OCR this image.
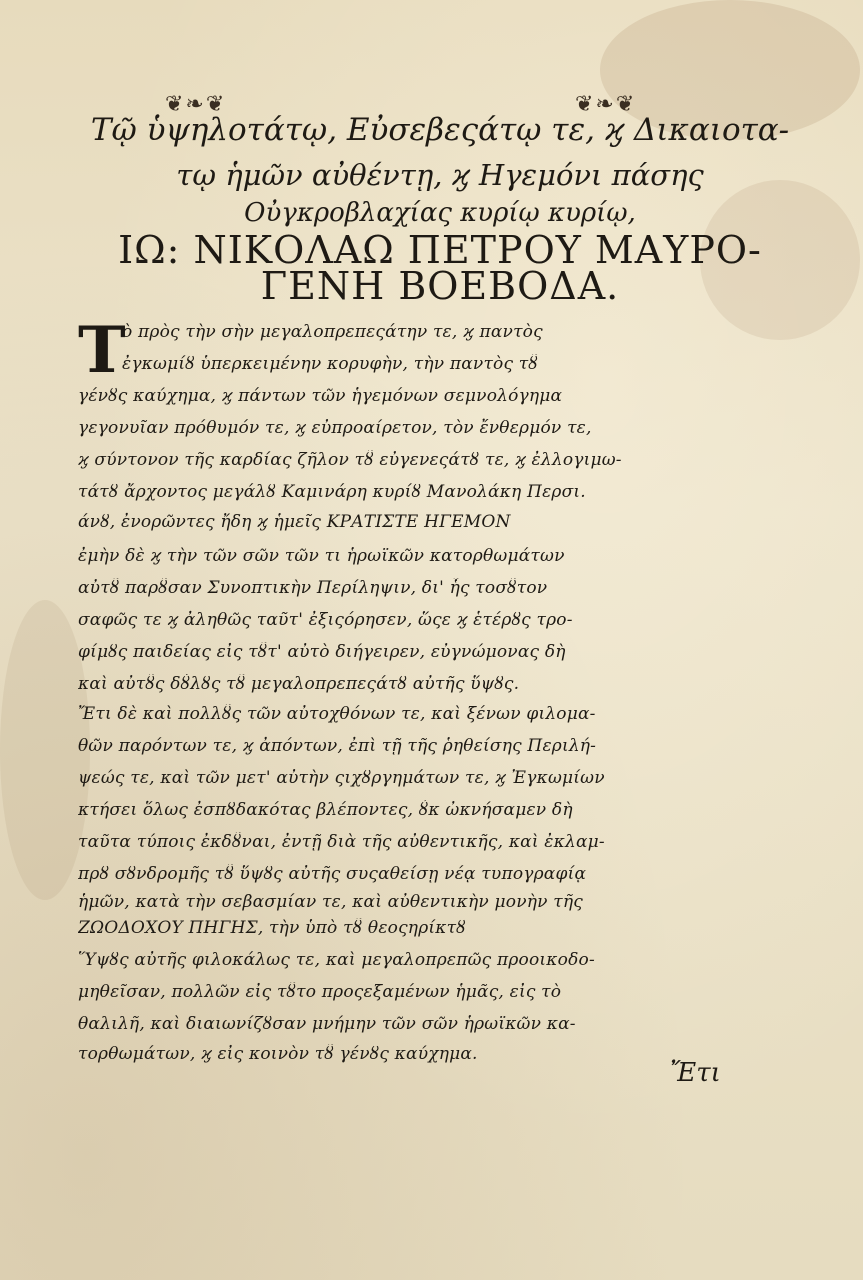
❦❧❦	❦❧❦
Τῷ ὑψηλοτάτῳ, Εὐσεβεςάτῳ τε, ϗ Δικαιοτα-
τῳ ἡμῶν αὐθέντῃ, ϗ Ηγεμόνι πάσης
Οὐγκροβλαχίας κυρίῳ κυρίῳ,
ΙΩ: ΝΙΚΟΛΑΩ ΠΕΤΡΟΥ ΜΑΥΡΟ-
ΓΕΝΗ ΒΟΕΒΟΔΑ.
Τ
ὸ πρὸς τὴν σὴν μεγαλοπρεπεςάτην τε, ϗ παντὸς
ἐγκωμίȣ ὑπερκειμένην κορυφὴν, τὴν παντὸς τȣ̃
γένȣς καύχημα, ϗ πάντων τῶν ἡγεμόνων σεμνολόγημα
γεγονυῖαν πρόθυμόν τε, ϗ εὐπροαίρετον, τὸν ἔνθερμόν τε,
ϗ σύντονον τῆς καρδίας ζῆλον τȣ̃ εὐγενεςάτȣ τε, ϗ ἐλλογιμω-
τάτȣ ἄρχοντος μεγάλȣ Καμινάρη κυρίȣ Μανολάκη Περσι.
άνȣ, ἐνορῶντες ἤδη ϗ ἡμεῖς ΚΡΑΤΙΣΤΕ ΗΓΕΜΟΝ
ἐμὴν δὲ ϗ τὴν τῶν σῶν τῶν τι ἡρωϊκῶν κατορθωμάτων
αὐτȣ̃ παρȣ̃σαν Συνοπτικὴν Περίληψιν, δι' ἧς τοσȣ̃τον
σαφῶς τε ϗ ἀληθῶς ταῦτ' ἐξιςόρησεν, ὥςε ϗ ἑτέρȣς τρο-
φίμȣς παιδείας εἰς τȣ̃τ' αὐτὸ διήγειρεν, εὐγνώμονας δὴ
καὶ αὐτȣ̃ς δȣ́λȣς τȣ̃ μεγαλοπρεπεςάτȣ αὐτῆς ὕψȣς.
Ἔτι δὲ καὶ πολλȣ̃ς τῶν αὐτοχθόνων τε, καὶ ξένων φιλομα-
θῶν παρόντων τε, ϗ ἀπόντων, ἐπὶ τῇ τῆς ῥηθείσης Περιλή-
ψεώς τε, καὶ τῶν μετ' αὐτὴν ςιχȣργημάτων τε, ϗ Ἐγκωμίων
κτήσει ὅλως ἐσπȣδακότας βλέποντες, ȣ̓κ ὠκνήσαμεν δὴ
ταῦτα τύποις ἐκδȣ̃ναι, ἐντῇ διὰ τῆς αὐθεντικῆς, καὶ ἐκλαμ-
πρȣ σȣνδρομῆς τȣ̃ ὕψȣς αὐτῆς συςαθείσῃ νέᾳ τυπογραφίᾳ
ἡμῶν, κατὰ τὴν σεβασμίαν τε, καὶ αὐθεντικὴν μονὴν τῆς
ΖΩΟΔΟΧΟΥ ΠΗΓΗΣ, τὴν ὑπὸ τȣ̃ θεοςηρίκτȣ
Ὕψȣς αὐτῆς φιλοκάλως τε, καὶ μεγαλοπρεπῶς προοικοδο-
μηθεῖσαν, πολλῶν εἰς τȣ̃το προςεξαμένων ἡμᾶς, εἰς τὸ
θαλιλῆ, καὶ διαιωνίζȣσαν μνήμην τῶν σῶν ἡρωϊκῶν κα-
τορθωμάτων, ϗ εἰς κοινὸν τȣ̃ γένȣς καύχημα.
Ἔτι
